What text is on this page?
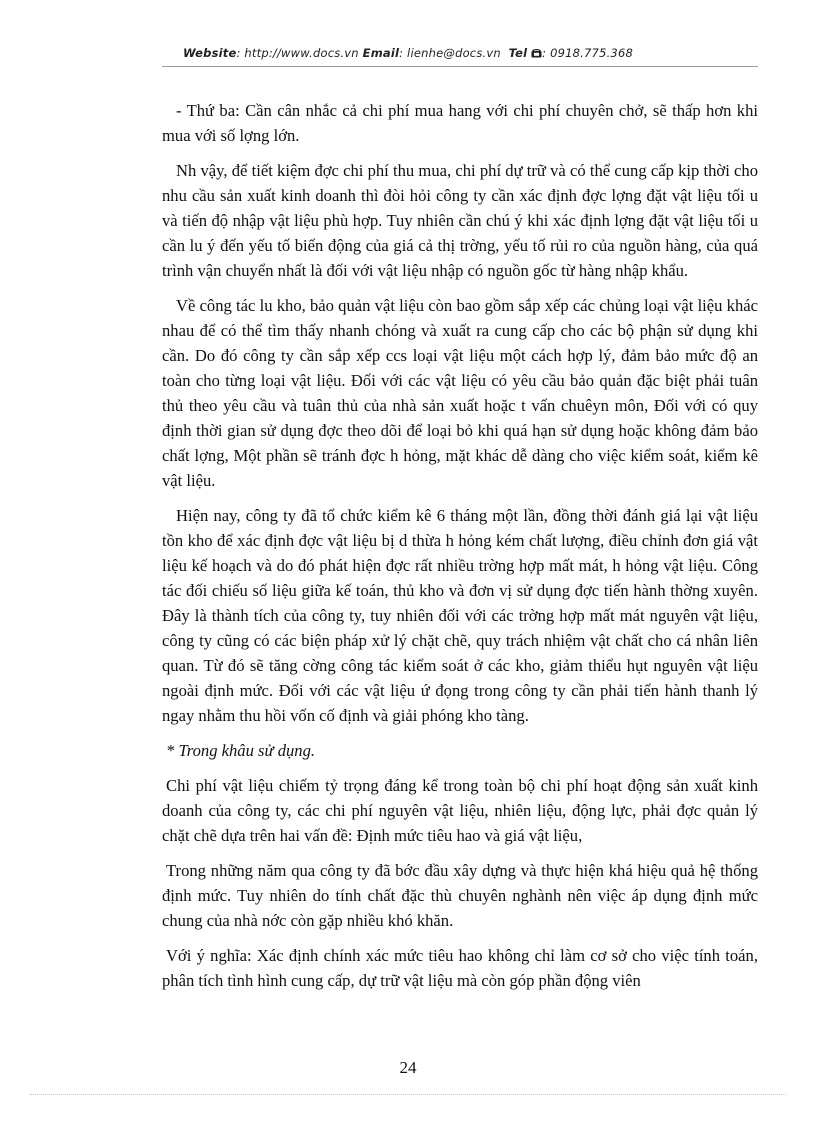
Website: http://www.docs.vn Email: lienhe@docs.vn Tel : 0918.775.368

- Thứ ba: Cần cân nhắc cả chi phí mua hang với chi phí chuyên chở, sẽ thấp hơn khi mua với số lợng lớn.

Nh vậy, để tiết kiệm đợc chi phí thu mua, chi phí dự trữ và có thể cung cấp kịp thời cho nhu cầu sản xuất kinh doanh thì đòi hỏi công ty cần xác định đợc lợng đặt vật liệu tối u và tiến độ nhập vật liệu phù hợp. Tuy nhiên cần chú ý khi xác định lợng đặt vật liệu tối u cần lu ý đến yếu tố biến động của giá cả thị trờng, yếu tố rủi ro của nguồn hàng, của quá trình vận chuyển nhất là đối với vật liệu nhập có nguồn gốc từ hàng nhập khẩu.

Về công tác lu kho, bảo quản vật liệu còn bao gồm sắp xếp các chủng loại vật liệu khác nhau để có thể tìm thấy nhanh chóng và xuất ra cung cấp cho các bộ phận sử dụng khi cần. Do đó công ty cần sắp xếp ccs loại vật liệu một cách hợp lý, đảm bảo mức độ an toàn cho từng loại vật liệu. Đối với các vật liệu có yêu cầu bảo quản đặc biệt phải tuân thủ theo yêu cầu và tuân thủ của nhà sản xuất hoặc t vấn chuêyn môn, Đối với có quy định thời gian sử dụng đợc theo dõi để loại bỏ khi quá hạn sử dụng hoặc không đảm bảo chất lợng, Một phần sẽ tránh đợc h hỏng, mặt khác dễ dàng cho việc kiểm soát, kiểm kê vật liệu.

Hiện nay, công ty đã tổ chức kiểm kê 6 tháng một lần, đồng thời đánh giá lại vật liệu tồn kho để xác định đợc vật liệu bị d thừa h hỏng kém chất lượng, điều chỉnh đơn giá vật liệu kế hoạch và do đó phát hiện đợc rất nhiều trờng hợp mất mát, h hỏng vật liệu. Công tác đối chiếu số liệu giữa kế toán, thủ kho và đơn vị sử dụng đợc tiến hành thờng xuyên. Đây là thành tích của công ty, tuy nhiên đối với các trờng hợp mất mát nguyên vật liệu, công ty cũng có các biện pháp xử lý chặt chẽ, quy trách nhiệm vật chất cho cá nhân liên quan. Từ đó sẽ tăng cờng công tác kiểm soát ở các kho, giảm thiểu hụt nguyên vật liệu ngoài định mức. Đối với các vật liệu ứ đọng trong công ty cần phải tiến hành thanh lý ngay nhằm thu hồi vốn cố định và giải phóng kho tàng.

* Trong khâu sử dụng.

Chi phí vật liệu chiếm tỷ trọng đáng kể trong toàn bộ chi phí hoạt động sản xuất kinh doanh của công ty, các chi phí nguyên vật liệu, nhiên liệu, động lực, phải đợc quản lý chặt chẽ dựa trên hai vấn đề: Định mức tiêu hao và giá vật liệu,

Trong những năm qua công ty đã bớc đầu xây dựng và thực hiện khá hiệu quả hệ thống định mức. Tuy nhiên do tính chất đặc thù chuyên nghành nên việc áp dụng định mức chung của nhà nớc còn gặp nhiều khó khăn.

Với ý nghĩa: Xác định chính xác mức tiêu hao không chỉ làm cơ sở cho việc tính toán, phân tích tình hình cung cấp, dự trữ vật liệu mà còn góp phần động viên

24
